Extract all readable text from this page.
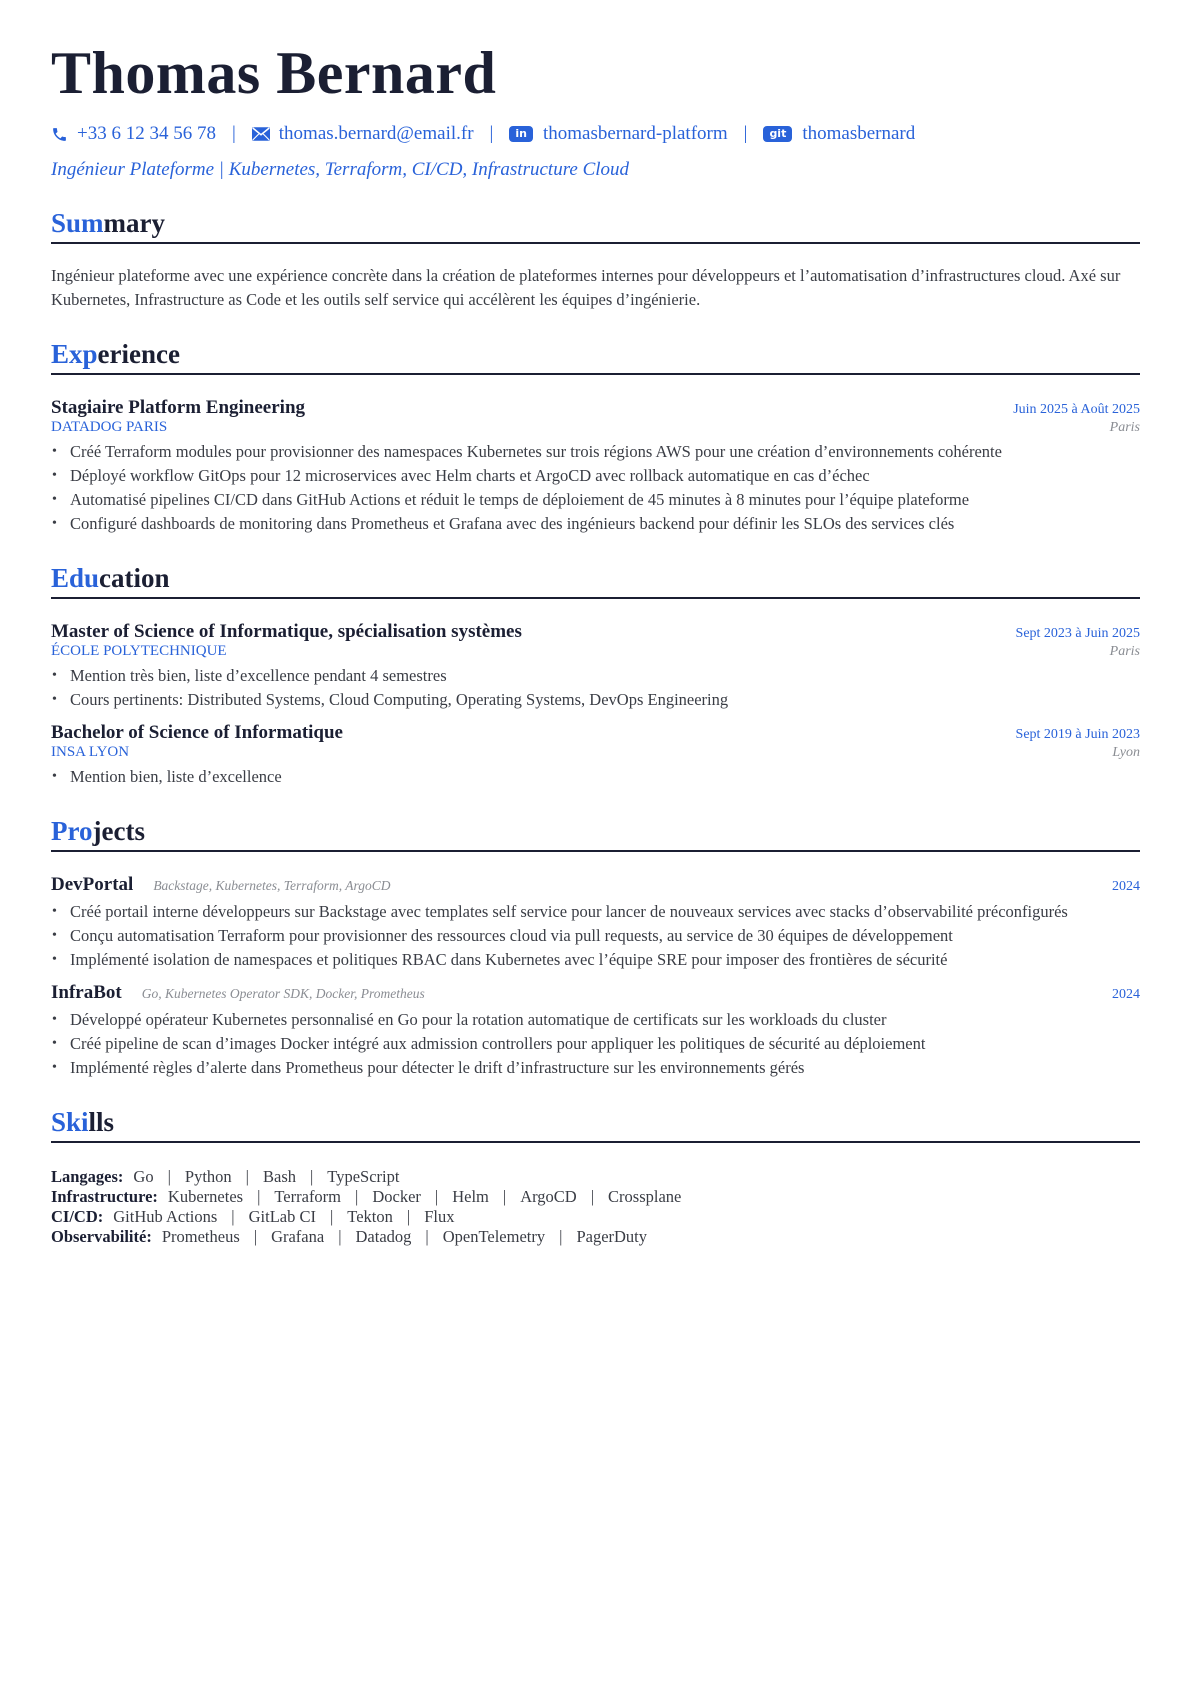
Thomas Bernard
+33 6 12 34 56 78 | thomas.bernard@email.fr |	in thomasbernard-platform |	git thomasbernard
Ingénieur Plateforme | Kubernetes, Terraform, CI/CD, Infrastructure Cloud
Summary
Ingénieur plateforme avec une expérience concrète dans la création de plateformes internes pour développeurs et l’automatisation d’infrastructures cloud. Axé sur Kubernetes, Infrastructure as Code et les outils self service qui accélèrent les équipes d’ingénierie.
Experience
Stagiaire Platform Engineering	Juin 2025 à Août 2025
DATADOG PARIS	Paris
• Créé Terraform modules pour provisionner des namespaces Kubernetes sur trois régions AWS pour une création d’environnements cohérente
• Déployé workflow GitOps pour 12 microservices avec Helm charts et ArgoCD avec rollback automatique en cas d’échec
• Automatisé pipelines CI/CD dans GitHub Actions et réduit le temps de déploiement de 45 minutes à 8 minutes pour l’équipe plateforme
• Configuré dashboards de monitoring dans Prometheus et Grafana avec des ingénieurs backend pour définir les SLOs des services clés
Education
Master of Science of Informatique, spécialisation systèmes	Sept 2023 à Juin 2025
ÉCOLE POLYTECHNIQUE	Paris
• Mention très bien, liste d’excellence pendant 4 semestres
• Cours pertinents: Distributed Systems, Cloud Computing, Operating Systems, DevOps Engineering
Bachelor of Science of Informatique	Sept 2019 à Juin 2023
INSA LYON	Lyon
• Mention bien, liste d’excellence
Projects
DevPortal Backstage, Kubernetes, Terraform, ArgoCD	2024
• Créé portail interne développeurs sur Backstage avec templates self service pour lancer de nouveaux services avec stacks d’observabilité préconfigurés
• Conçu automatisation Terraform pour provisionner des ressources cloud via pull requests, au service de 30 équipes de développement
• Implémenté isolation de namespaces et politiques RBAC dans Kubernetes avec l’équipe SRE pour imposer des frontières de sécurité
InfraBot Go, Kubernetes Operator SDK, Docker, Prometheus	2024
• Développé opérateur Kubernetes personnalisé en Go pour la rotation automatique de certificats sur les workloads du cluster
• Créé pipeline de scan d’images Docker intégré aux admission controllers pour appliquer les politiques de sécurité au déploiement
• Implémenté règles d’alerte dans Prometheus pour détecter le drift d’infrastructure sur les environnements gérés
Skills
Langages: Go | Python | Bash | TypeScript
Infrastructure: Kubernetes | Terraform | Docker | Helm | ArgoCD | Crossplane
CI/CD: GitHub Actions | GitLab CI | Tekton | Flux
Observabilité: Prometheus | Grafana | Datadog | OpenTelemetry | PagerDuty
